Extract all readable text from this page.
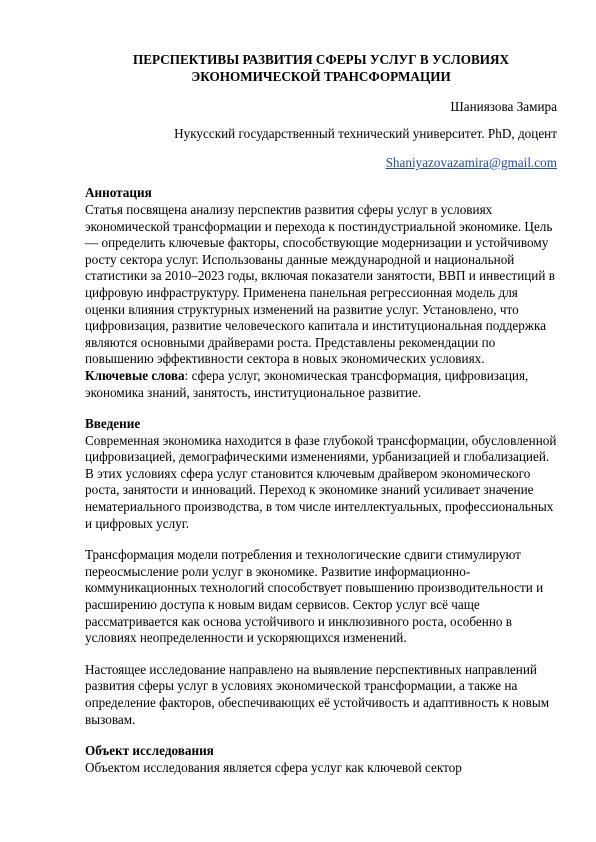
ПЕРСПЕКТИВЫ РАЗВИТИЯ СФЕРЫ УСЛУГ В УСЛОВИЯХ
ЭКОНОМИЧЕСКОЙ ТРАНСФОРМАЦИИ
Шаниязова Замира
Нукусский государственный технический университет. PhD, доцент
Shaniyazovazamira@gmail.com
Аннотация
Статья посвящена анализу перспектив развития сферы услуг в условиях экономической трансформации и перехода к постиндустриальной экономике. Цель — определить ключевые факторы, способствующие модернизации и устойчивому росту сектора услуг. Использованы данные международной и национальной статистики за 2010–2023 годы, включая показатели занятости, ВВП и инвестиций в цифровую инфраструктуру. Применена панельная регрессионная модель для оценки влияния структурных изменений на развитие услуг. Установлено, что цифровизация, развитие человеческого капитала и институциональная поддержка являются основными драйверами роста. Представлены рекомендации по повышению эффективности сектора в новых экономических условиях.
Ключевые слова: сфера услуг, экономическая трансформация, цифровизация, экономика знаний, занятость, институциональное развитие.
Введение
Современная экономика находится в фазе глубокой трансформации, обусловленной цифровизацией, демографическими изменениями, урбанизацией и глобализацией. В этих условиях сфера услуг становится ключевым драйвером экономического роста, занятости и инноваций. Переход к экономике знаний усиливает значение нематериального производства, в том числе интеллектуальных, профессиональных и цифровых услуг.
Трансформация модели потребления и технологические сдвиги стимулируют переосмысление роли услуг в экономике. Развитие информационно-коммуникационных технологий способствует повышению производительности и расширению доступа к новым видам сервисов. Сектор услуг всё чаще рассматривается как основа устойчивого и инклюзивного роста, особенно в условиях неопределенности и ускоряющихся изменений.
Настоящее исследование направлено на выявление перспективных направлений развития сферы услуг в условиях экономической трансформации, а также на определение факторов, обеспечивающих её устойчивость и адаптивность к новым вызовам.
Объект исследования
Объектом исследования является сфера услуг как ключевой сектор
